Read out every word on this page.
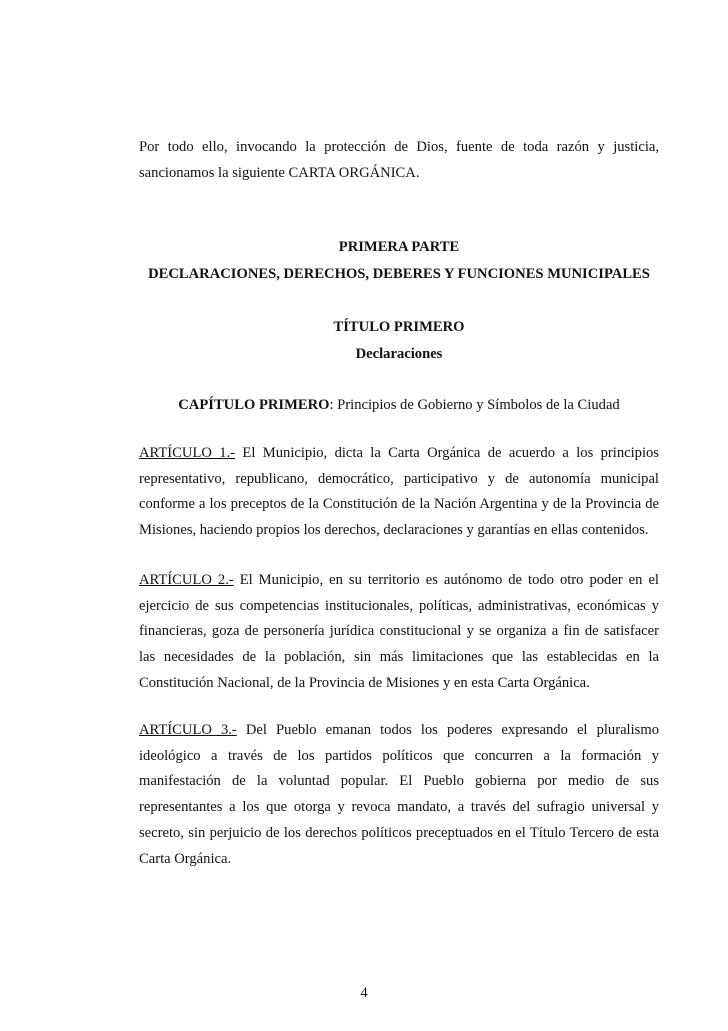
Por todo ello, invocando la protección de Dios, fuente de toda razón y justicia, sancionamos la siguiente CARTA ORGÁNICA.

PRIMERA PARTE

DECLARACIONES, DERECHOS, DEBERES Y FUNCIONES MUNICIPALES

TÍTULO PRIMERO

Declaraciones

CAPÍTULO PRIMERO: Principios de Gobierno y Símbolos de la Ciudad

ARTÍCULO 1.- El Municipio, dicta la Carta Orgánica de acuerdo a los principios representativo, republicano, democrático, participativo y de autonomía municipal conforme a los preceptos de la Constitución de la Nación Argentina y de la Provincia de Misiones, haciendo propios los derechos, declaraciones y garantías en ellas contenidos.

ARTÍCULO 2.- El Municipio, en su territorio es autónomo de todo otro poder en el ejercicio de sus competencias institucionales, políticas, administrativas, económicas y financieras, goza de personería jurídica constitucional y se organiza a fin de satisfacer las necesidades de la población, sin más limitaciones que las establecidas en la Constitución Nacional, de la Provincia de Misiones y en esta Carta Orgánica.

ARTÍCULO 3.- Del Pueblo emanan todos los poderes expresando el pluralismo ideológico a través de los partidos políticos que concurren a la formación y manifestación de la voluntad popular. El Pueblo gobierna por medio de sus representantes a los que otorga y revoca mandato, a través del sufragio universal y secreto, sin perjuicio de los derechos políticos preceptuados en el Título Tercero de esta Carta Orgánica.

4
